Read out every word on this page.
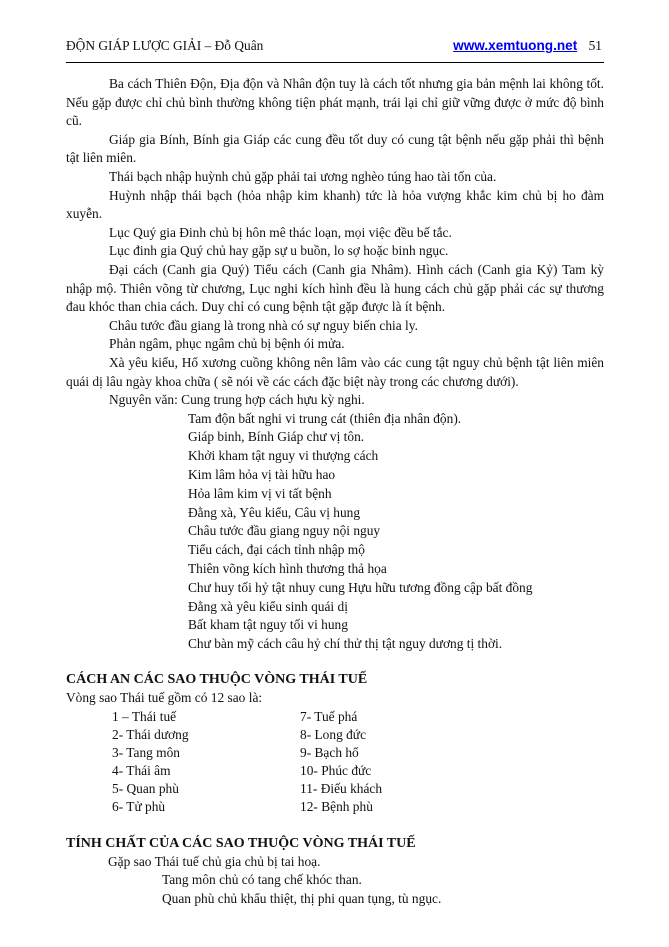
ĐỘN GIÁP LƯỢC GIẢI – Đỗ Quân	www.xemtuong.net 51

Ba cách Thiên Độn, Địa độn và Nhân độn tuy là cách tốt nhưng gia bản mệnh lai không tốt. Nếu gặp được chỉ chủ bình thường không tiện phát mạnh, trái lại chỉ giữ vững được ở mức độ bình cũ.

Giáp gia Bính, Bính gia Giáp các cung đều tốt duy có cung tật bệnh nếu gặp phải thì bệnh tật liên miên.

Thái bạch nhập huỳnh chủ gặp phải tai ương nghèo túng hao tài tốn của.

Huỳnh nhập thái bạch (hỏa nhập kim khanh) tức là hỏa vượng khắc kim chủ bị ho đàm xuyễn.

Lục Quý gia Đinh chủ bị hôn mê thác loạn, mọi việc đều bế tắc.

Lục đinh gia Quý chủ hay gặp sự u buồn, lo sợ hoặc binh ngục.

Đại cách (Canh gia Quý) Tiểu cách (Canh gia Nhâm). Hình cách (Canh gia Kỷ) Tam kỳ nhập mộ. Thiên võng từ chương, Lục nghi kích hình đều là hung cách chủ gặp phải các sự thương đau khóc than chia cách. Duy chỉ có cung bệnh tật gặp được là ít bệnh.

Châu tước đầu giang là trong nhà có sự nguy biến chia ly.

Phản ngâm, phục ngâm chủ bị bệnh ói mửa.

Xà yêu kiểu, Hổ xương cuồng không nên lâm vào các cung tật nguy chủ bệnh tật liên miên quái dị lâu ngày khoa chữa ( sẽ nói về các cách đặc biệt này trong các chương dưới).

Nguyên văn: Cung trung hợp cách hựu kỳ nghi.

Tam độn bất nghi vi trung cát (thiên địa nhân độn).

Giáp binh, Bính Giáp chư vị tôn.

Khởi kham tật nguy vi thượng cách

Kim lâm hỏa vị tài hữu hao

Hỏa lâm kim vị vi tất bệnh

Đằng xà, Yêu kiểu, Câu vị hung

Châu tước đầu giang nguy nội nguy

Tiểu cách, đại cách tỉnh nhập mộ

Thiên võng kích hình thương thả họa

Chư huy tối hỷ tật nhuy cung Hựu hữu tương đồng cập bất đồng

Đằng xà yêu kiểu sinh quái dị

Bất kham tật nguy tối vi hung

Chư bàn mỹ cách câu hỷ chí thử thị tật nguy dương tị thời.

CÁCH AN CÁC SAO THUỘC VÒNG THÁI TUẾ

Vòng sao Thái tuế gồm có 12 sao là:

1 – Thái tuế	7- Tuế phá
2- Thái dương	8- Long đức
3- Tang môn	9- Bạch hổ
4- Thái âm	10- Phúc đức
5- Quan phù	11- Điếu khách
6- Tử phù	12- Bệnh phù
TÍNH CHẤT CỦA CÁC SAO THUỘC VÒNG THÁI TUẾ

Gặp sao Thái tuế chủ gia chủ bị tai hoạ.

Tang môn chủ có tang chế khóc than.

Quan phù chủ khẩu thiệt, thị phi quan tụng, tù ngục.
